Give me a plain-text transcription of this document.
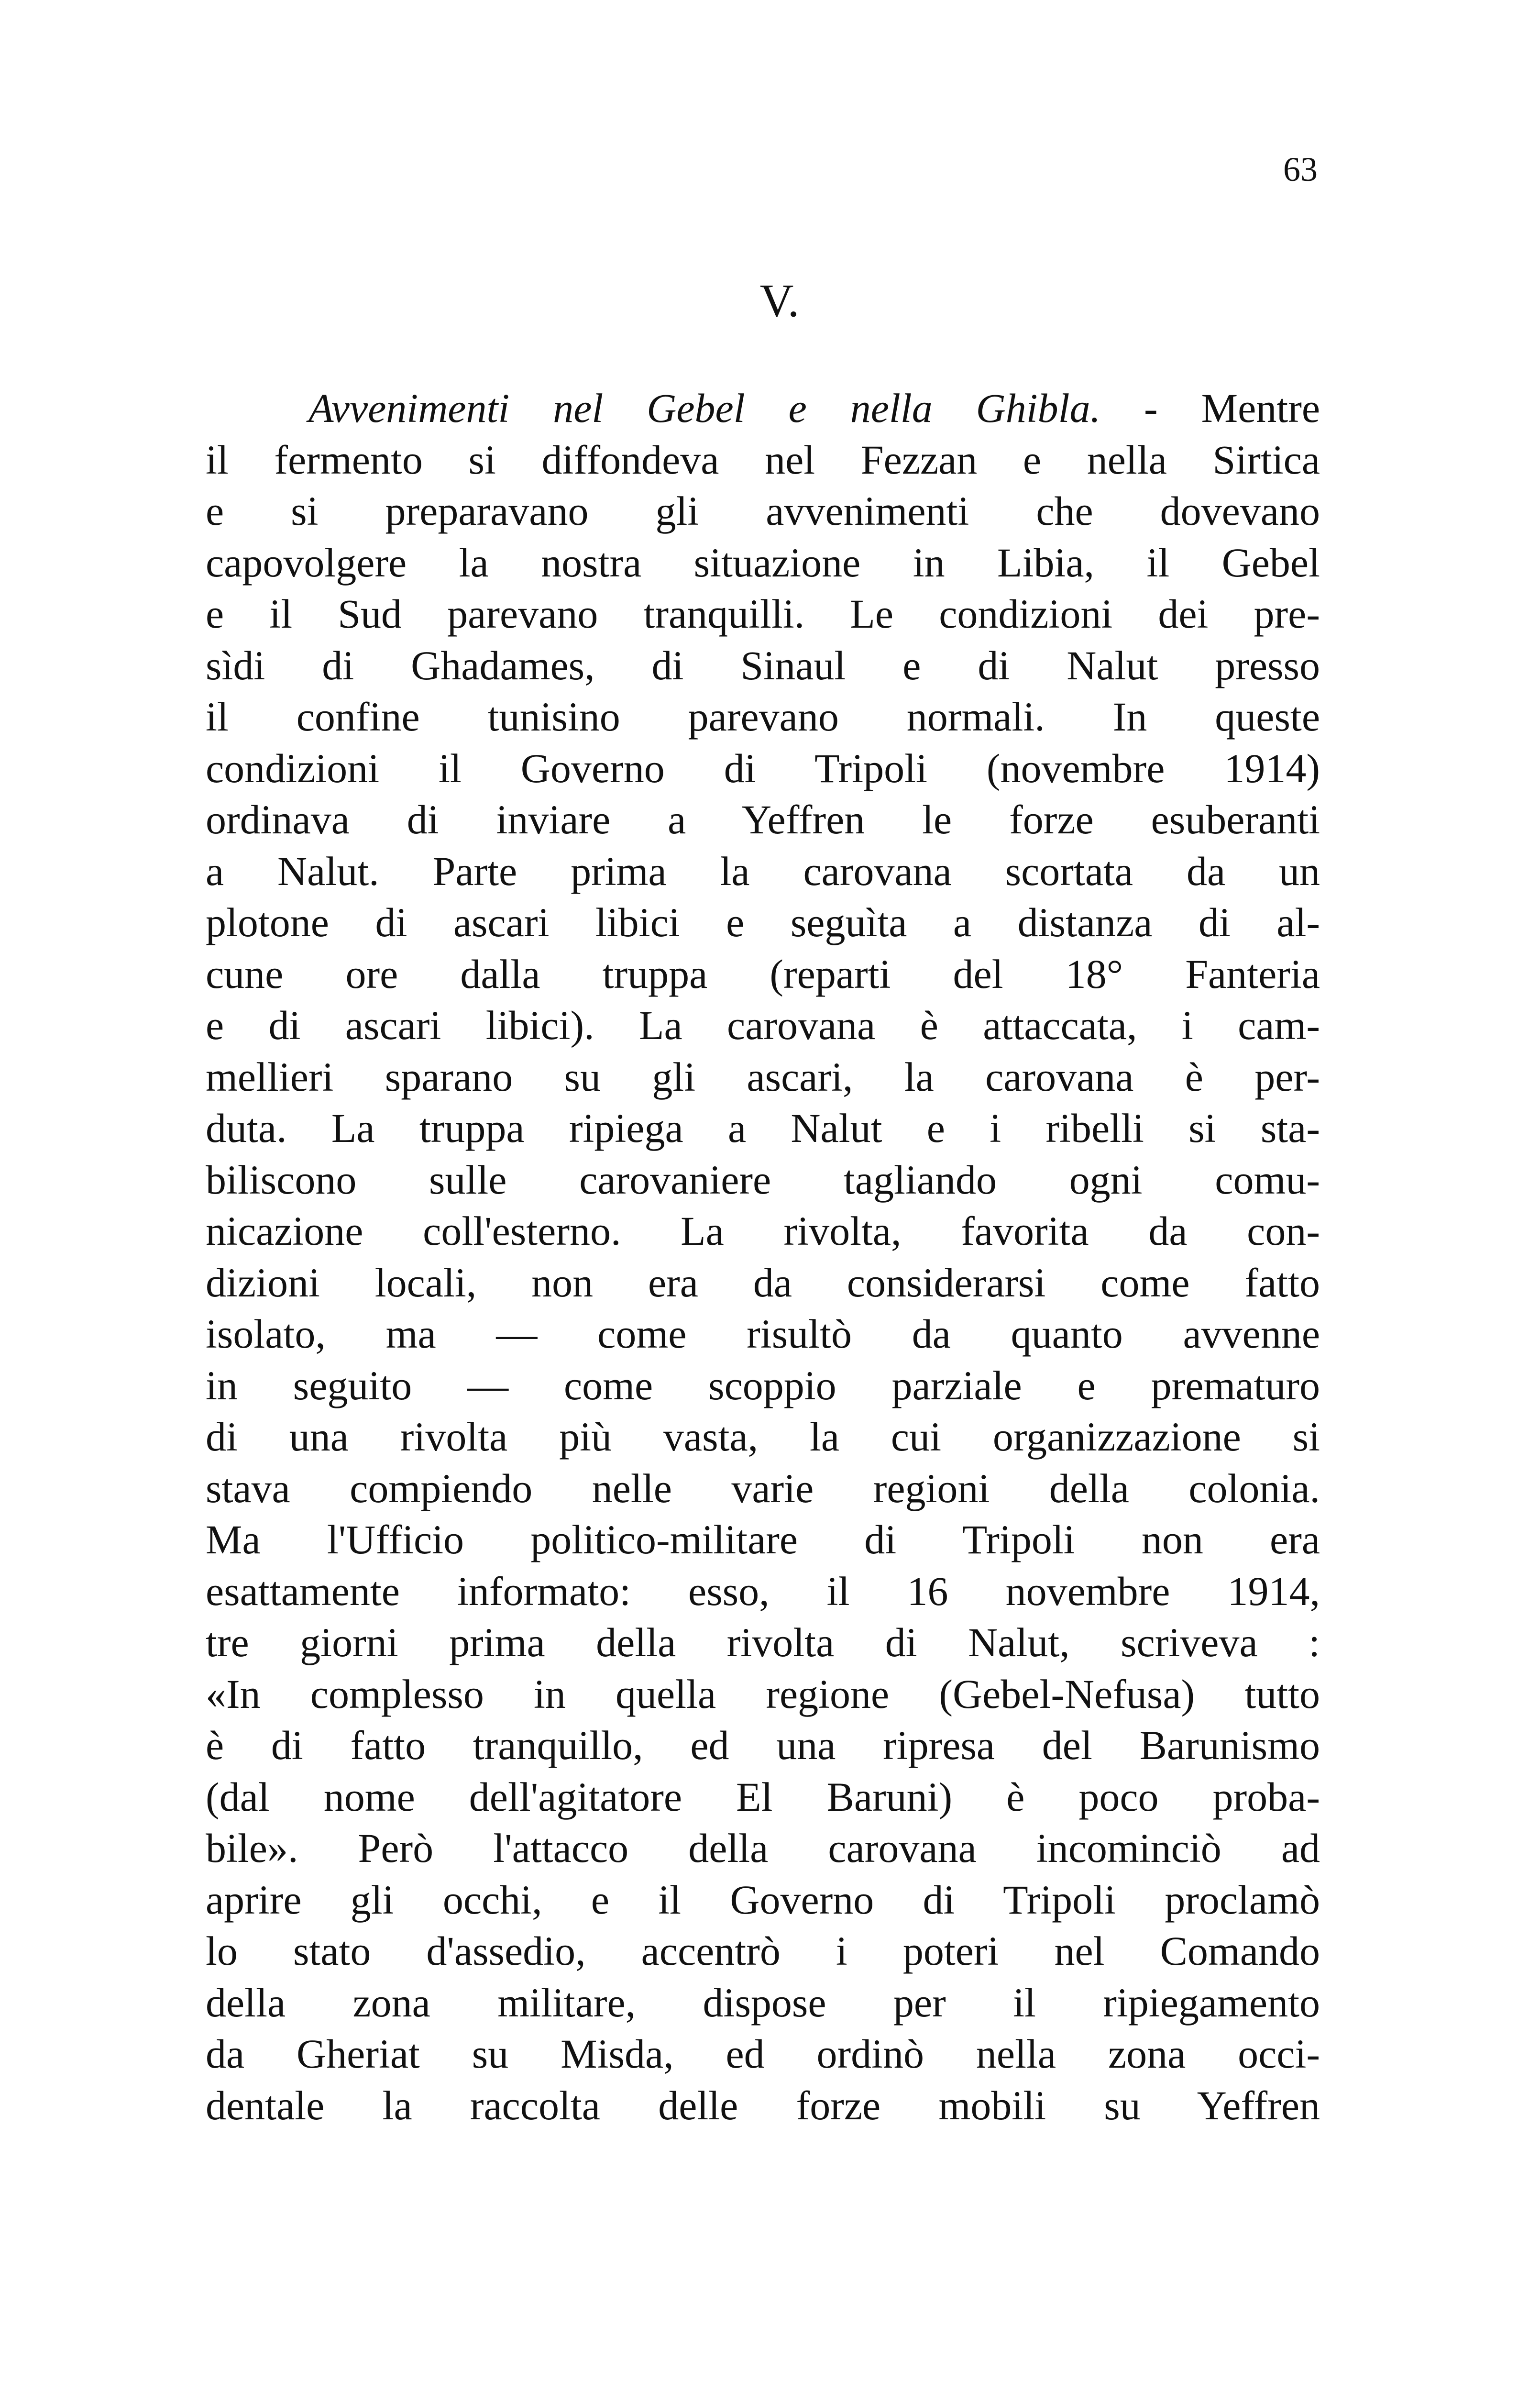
63
V.
Avvenimenti nel Gebel e nella Ghibla. - Mentre
il fermento si diffondeva nel Fezzan e nella Sirtica
e si preparavano gli avvenimenti che dovevano
capovolgere la nostra situazione in Libia, il Gebel
e il Sud parevano tranquilli. Le condizioni dei pre-
sìdi di Ghadames, di Sinaul e di Nalut presso
il confine tunisino parevano normali. In queste
condizioni il Governo di Tripoli (novembre 1914)
ordinava di inviare a Yeffren le forze esuberanti
a Nalut. Parte prima la carovana scortata da un
plotone di ascari libici e seguìta a distanza di al-
cune ore dalla truppa (reparti del 18° Fanteria
e di ascari libici). La carovana è attaccata, i cam-
mellieri sparano su gli ascari, la carovana è per-
duta. La truppa ripiega a Nalut e i ribelli si sta-
biliscono sulle carovaniere tagliando ogni comu-
nicazione coll'esterno. La rivolta, favorita da con-
dizioni locali, non era da considerarsi come fatto
isolato, ma — come risultò da quanto avvenne
in seguito — come scoppio parziale e prematuro
di una rivolta più vasta, la cui organizzazione si
stava compiendo nelle varie regioni della colonia.
Ma l'Ufficio politico-militare di Tripoli non era
esattamente informato: esso, il 16 novembre 1914,
tre giorni prima della rivolta di Nalut, scriveva :
«In complesso in quella regione (Gebel-Nefusa) tutto
è di fatto tranquillo, ed una ripresa del Barunismo
(dal nome dell'agitatore El Baruni) è poco proba-
bile». Però l'attacco della carovana incominciò ad
aprire gli occhi, e il Governo di Tripoli proclamò
lo stato d'assedio, accentrò i poteri nel Comando
della zona militare, dispose per il ripiegamento
da Gheriat su Misda, ed ordinò nella zona occi-
dentale la raccolta delle forze mobili su Yeffren
